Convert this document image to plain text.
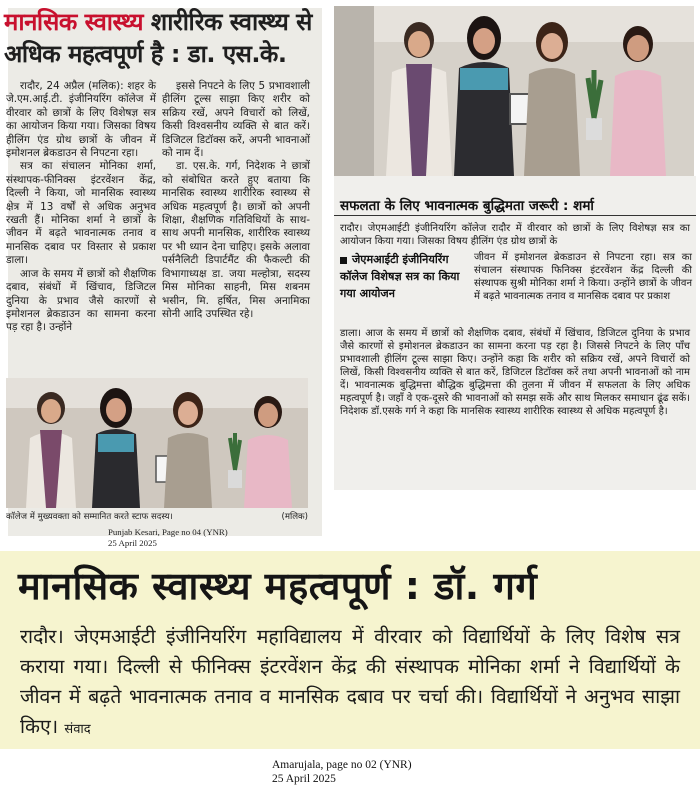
मानसिक स्वास्थ्य शारीरिक स्वास्थ्य से अधिक महत्वपूर्ण है : डा. एस.के.

रादौर, 24 अप्रैल (मलिक): शहर के जे.एम.आई.टी. इंजीनियरिंग कॉलेज में वीरवार को छात्रों के लिए विशेषज्ञ सत्र का आयोजन किया गया। जिसका विषय हीलिंग एंड ग्रोथ छात्रों के जीवन में इमोशनल ब्रेकडाउन से निपटना रहा।

सत्र का संचालन मोनिका शर्मा, संस्थापक-फीनिक्स इंटरवेंशन केंद्र, दिल्ली ने किया, जो मानसिक स्वास्थ्य क्षेत्र में 13 वर्षों से अधिक अनुभव रखती हैं। मोनिका शर्मा ने छात्रों के जीवन में बढ़ते भावनात्मक तनाव व मानसिक दबाव पर विस्तार से प्रकाश डाला।

आज के समय में छात्रों को शैक्षणिक दबाव, संबंधों में खिंचाव, डिजिटल दुनिया के प्रभाव जैसे कारणों से इमोशनल ब्रेकडाउन का सामना करना पड़ रहा है। उन्होंने

इससे निपटने के लिए 5 प्रभावशाली हीलिंग टूल्स साझा किए शरीर को सक्रिय रखें, अपने विचारों को लिखें, किसी विश्वसनीय व्यक्ति से बात करें। डिजिटल डिटॉक्स करें, अपनी भावनाओं को नाम दें।

डा. एस.के. गर्ग, निदेशक ने छात्रों को संबोधित करते हुए बताया कि मानसिक स्वास्थ्य शारीरिक स्वास्थ्य से अधिक महत्वपूर्ण है। छात्रों को अपनी शिक्षा, शैक्षणिक गतिविधियों के साथ-साथ अपनी मानसिक, शारीरिक स्वास्थ्य पर भी ध्यान देना चाहिए। इसके अलावा पर्सनैलिटी डिपार्टमैंट की फैकल्टी की विभागाध्यक्ष डा. जया मल्होत्रा, सदस्य मिस मोनिका साहनी, मिस शबनम भसीन, मि. हर्षित, मिस अनामिका सोनी आदि उपस्थित रहे।

कॉलेज में मुख्यवक्ता को सम्मानित करते स्टाफ सदस्य।	(मलिक)
Punjab Kesari, Page no 04 (YNR)
25 April 2025
सफलता के लिए भावनात्मक बुद्धिमता जरूरी : शर्मा
रादौर। जेएमआईटी इंजीनियरिंग कॉलेज रादौर में वीरवार को छात्रों के लिए विशेषज्ञ सत्र का आयोजन किया गया। जिसका विषय हीलिंग एंड ग्रोथ छात्रों के
जेएमआईटी इंजीनियरिंग कॉलेज विशेषज्ञ सत्र का किया गया आयोजन
जीवन में इमोशनल ब्रेकडाउन से निपटना रहा। सत्र का संचालन संस्थापक फिनिक्स इंटरवेंशन केंद्र दिल्ली की संस्थापक सुश्री मोनिका शर्मा ने किया। उन्होंने छात्रों के जीवन में बढ़ते भावनात्मक तनाव व मानसिक दबाव पर प्रकाश
डाला। आज के समय में छात्रों को शैक्षणिक दबाव, संबंधों में खिंचाव, डिजिटल दुनिया के प्रभाव जैसे कारणों से इमोशनल ब्रेकडाउन का सामना करना पड़ रहा है। जिससे निपटने के लिए पाँच प्रभावशाली हीलिंग टूल्स साझा किए। उन्होंने कहा कि शरीर को सक्रिय रखें, अपने विचारों को लिखें, किसी विश्वसनीय व्यक्ति से बात करें, डिजिटल डिटॉक्स करें तथा अपनी भावनाओं को नाम दें। भावनात्मक बुद्धिमत्ता बौद्धिक बुद्धिमत्ता की तुलना में जीवन में सफलता के लिए अधिक महत्वपूर्ण है। जहाँ वे एक-दूसरे की भावनाओं को समझ सकें और साथ मिलकर समाधान ढूंढ सकें। निदेशक डॉ.एसके गर्ग ने कहा कि मानसिक स्वास्थ्य शारीरिक स्वास्थ्य से अधिक महत्वपूर्ण है।
मानसिक स्वास्थ्य महत्वपूर्ण : डॉ. गर्ग
रादौर। जेएमआईटी इंजीनियरिंग महाविद्यालय में वीरवार को विद्यार्थियों के लिए विशेष सत्र कराया गया। दिल्ली से फीनिक्स इंटरवेंशन केंद्र की संस्थापक मोनिका शर्मा ने विद्यार्थियों के जीवन में बढ़ते भावनात्मक तनाव व मानसिक दबाव पर चर्चा की। विद्यार्थियों ने अनुभव साझा किए। संवाद
Amarujala, page no 02 (YNR)
25 April 2025
